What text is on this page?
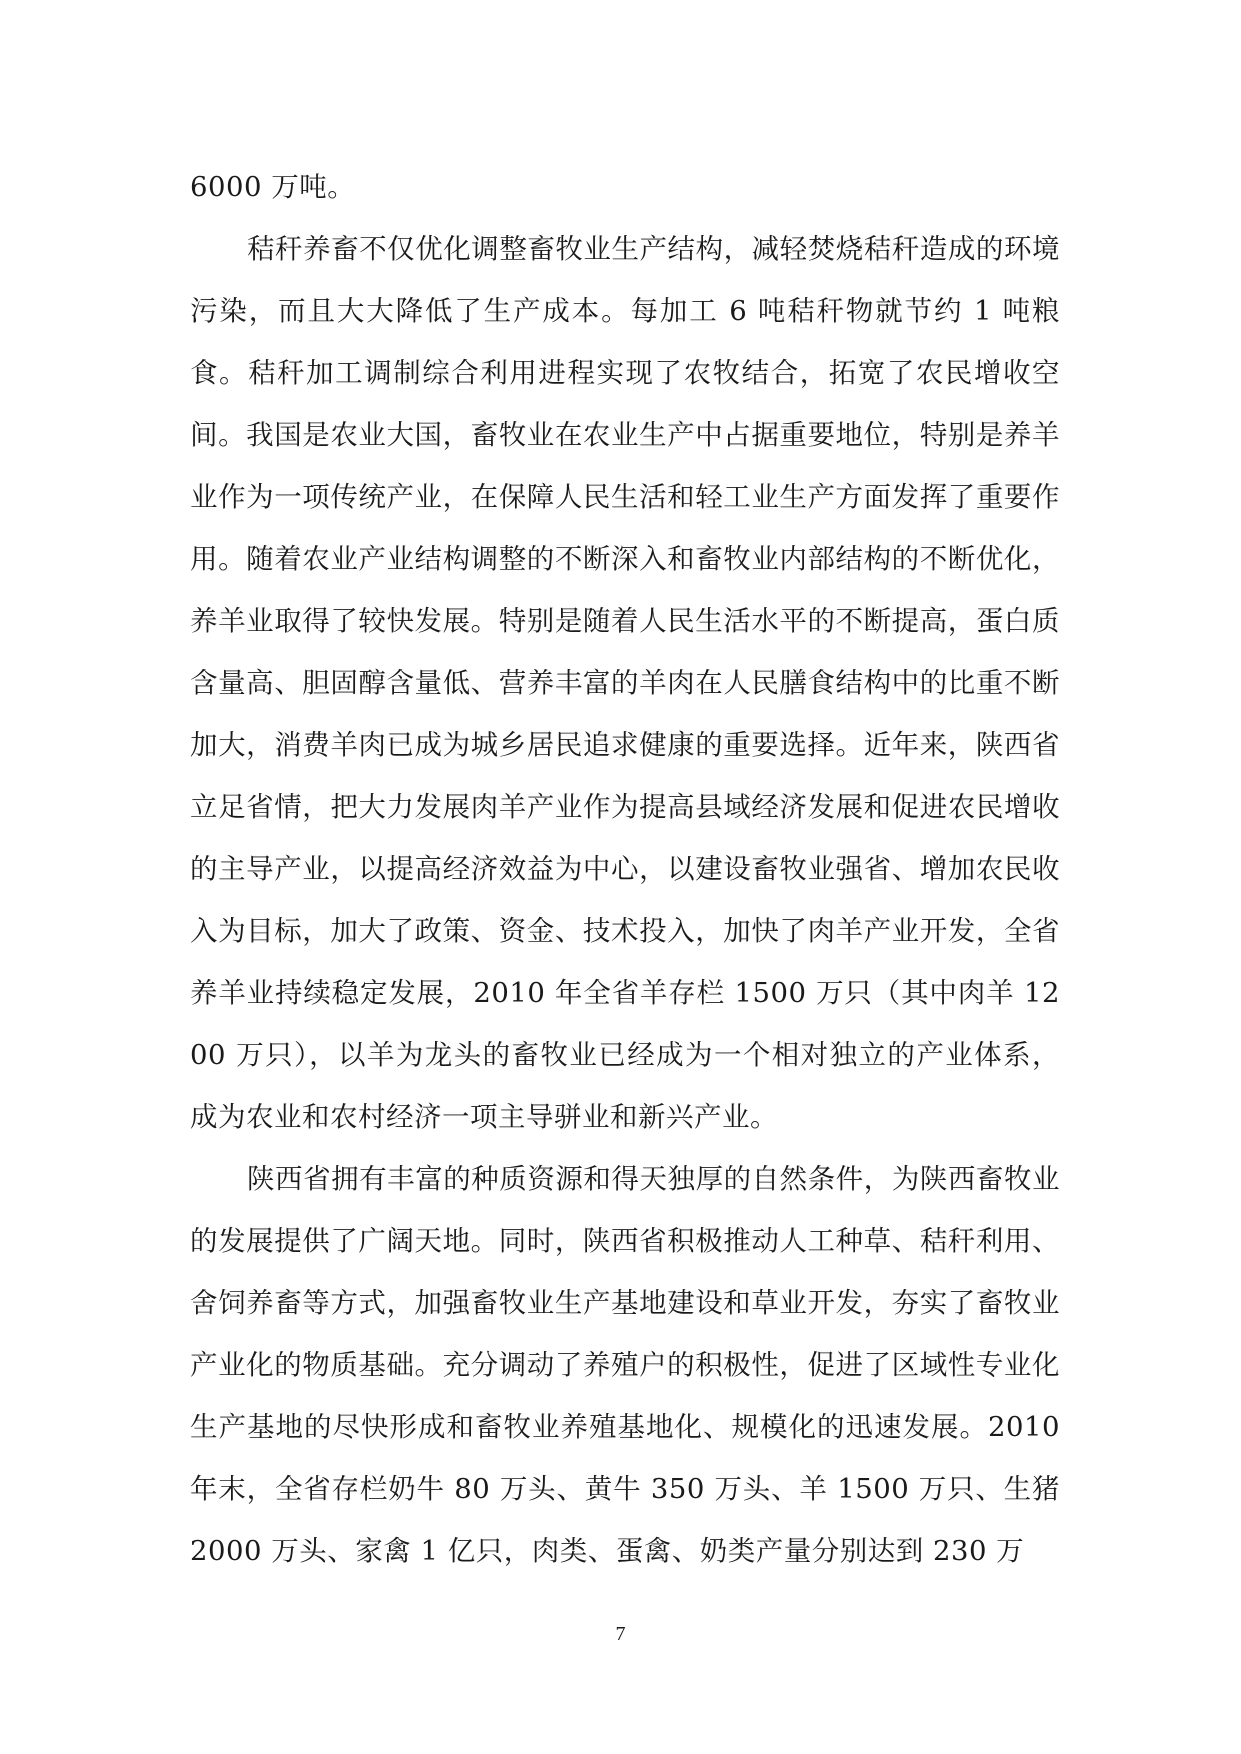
6000 万吨。

秸秆养畜不仅优化调整畜牧业生产结构，减轻焚烧秸秆造成的环境污染，而且大大降低了生产成本。每加工 6 吨秸秆物就节约 1 吨粮食。秸秆加工调制综合利用进程实现了农牧结合，拓宽了农民增收空间。我国是农业大国，畜牧业在农业生产中占据重要地位，特别是养羊业作为一项传统产业，在保障人民生活和轻工业生产方面发挥了重要作用。随着农业产业结构调整的不断深入和畜牧业内部结构的不断优化，养羊业取得了较快发展。特别是随着人民生活水平的不断提高，蛋白质含量高、胆固醇含量低、营养丰富的羊肉在人民膳食结构中的比重不断加大，消费羊肉已成为城乡居民追求健康的重要选择。近年来，陕西省立足省情，把大力发展肉羊产业作为提高县域经济发展和促进农民增收的主导产业，以提高经济效益为中心，以建设畜牧业强省、增加农民收入为目标，加大了政策、资金、技术投入，加快了肉羊产业开发，全省养羊业持续稳定发展，2010 年全省羊存栏 1500 万只（其中肉羊 1200 万只），以羊为龙头的畜牧业已经成为一个相对独立的产业体系，成为农业和农村经济一项主导骈业和新兴产业。

陕西省拥有丰富的种质资源和得天独厚的自然条件，为陕西畜牧业的发展提供了广阔天地。同时，陕西省积极推动人工种草、秸秆利用、舍饲养畜等方式，加强畜牧业生产基地建设和草业开发，夯实了畜牧业产业化的物质基础。充分调动了养殖户的积极性，促进了区域性专业化生产基地的尽快形成和畜牧业养殖基地化、规模化的迅速发展。2010 年末，全省存栏奶牛 80 万头、黄牛 350 万头、羊 1500 万只、生猪 2000 万头、家禽 1 亿只，肉类、蛋禽、奶类产量分别达到 230 万

7
